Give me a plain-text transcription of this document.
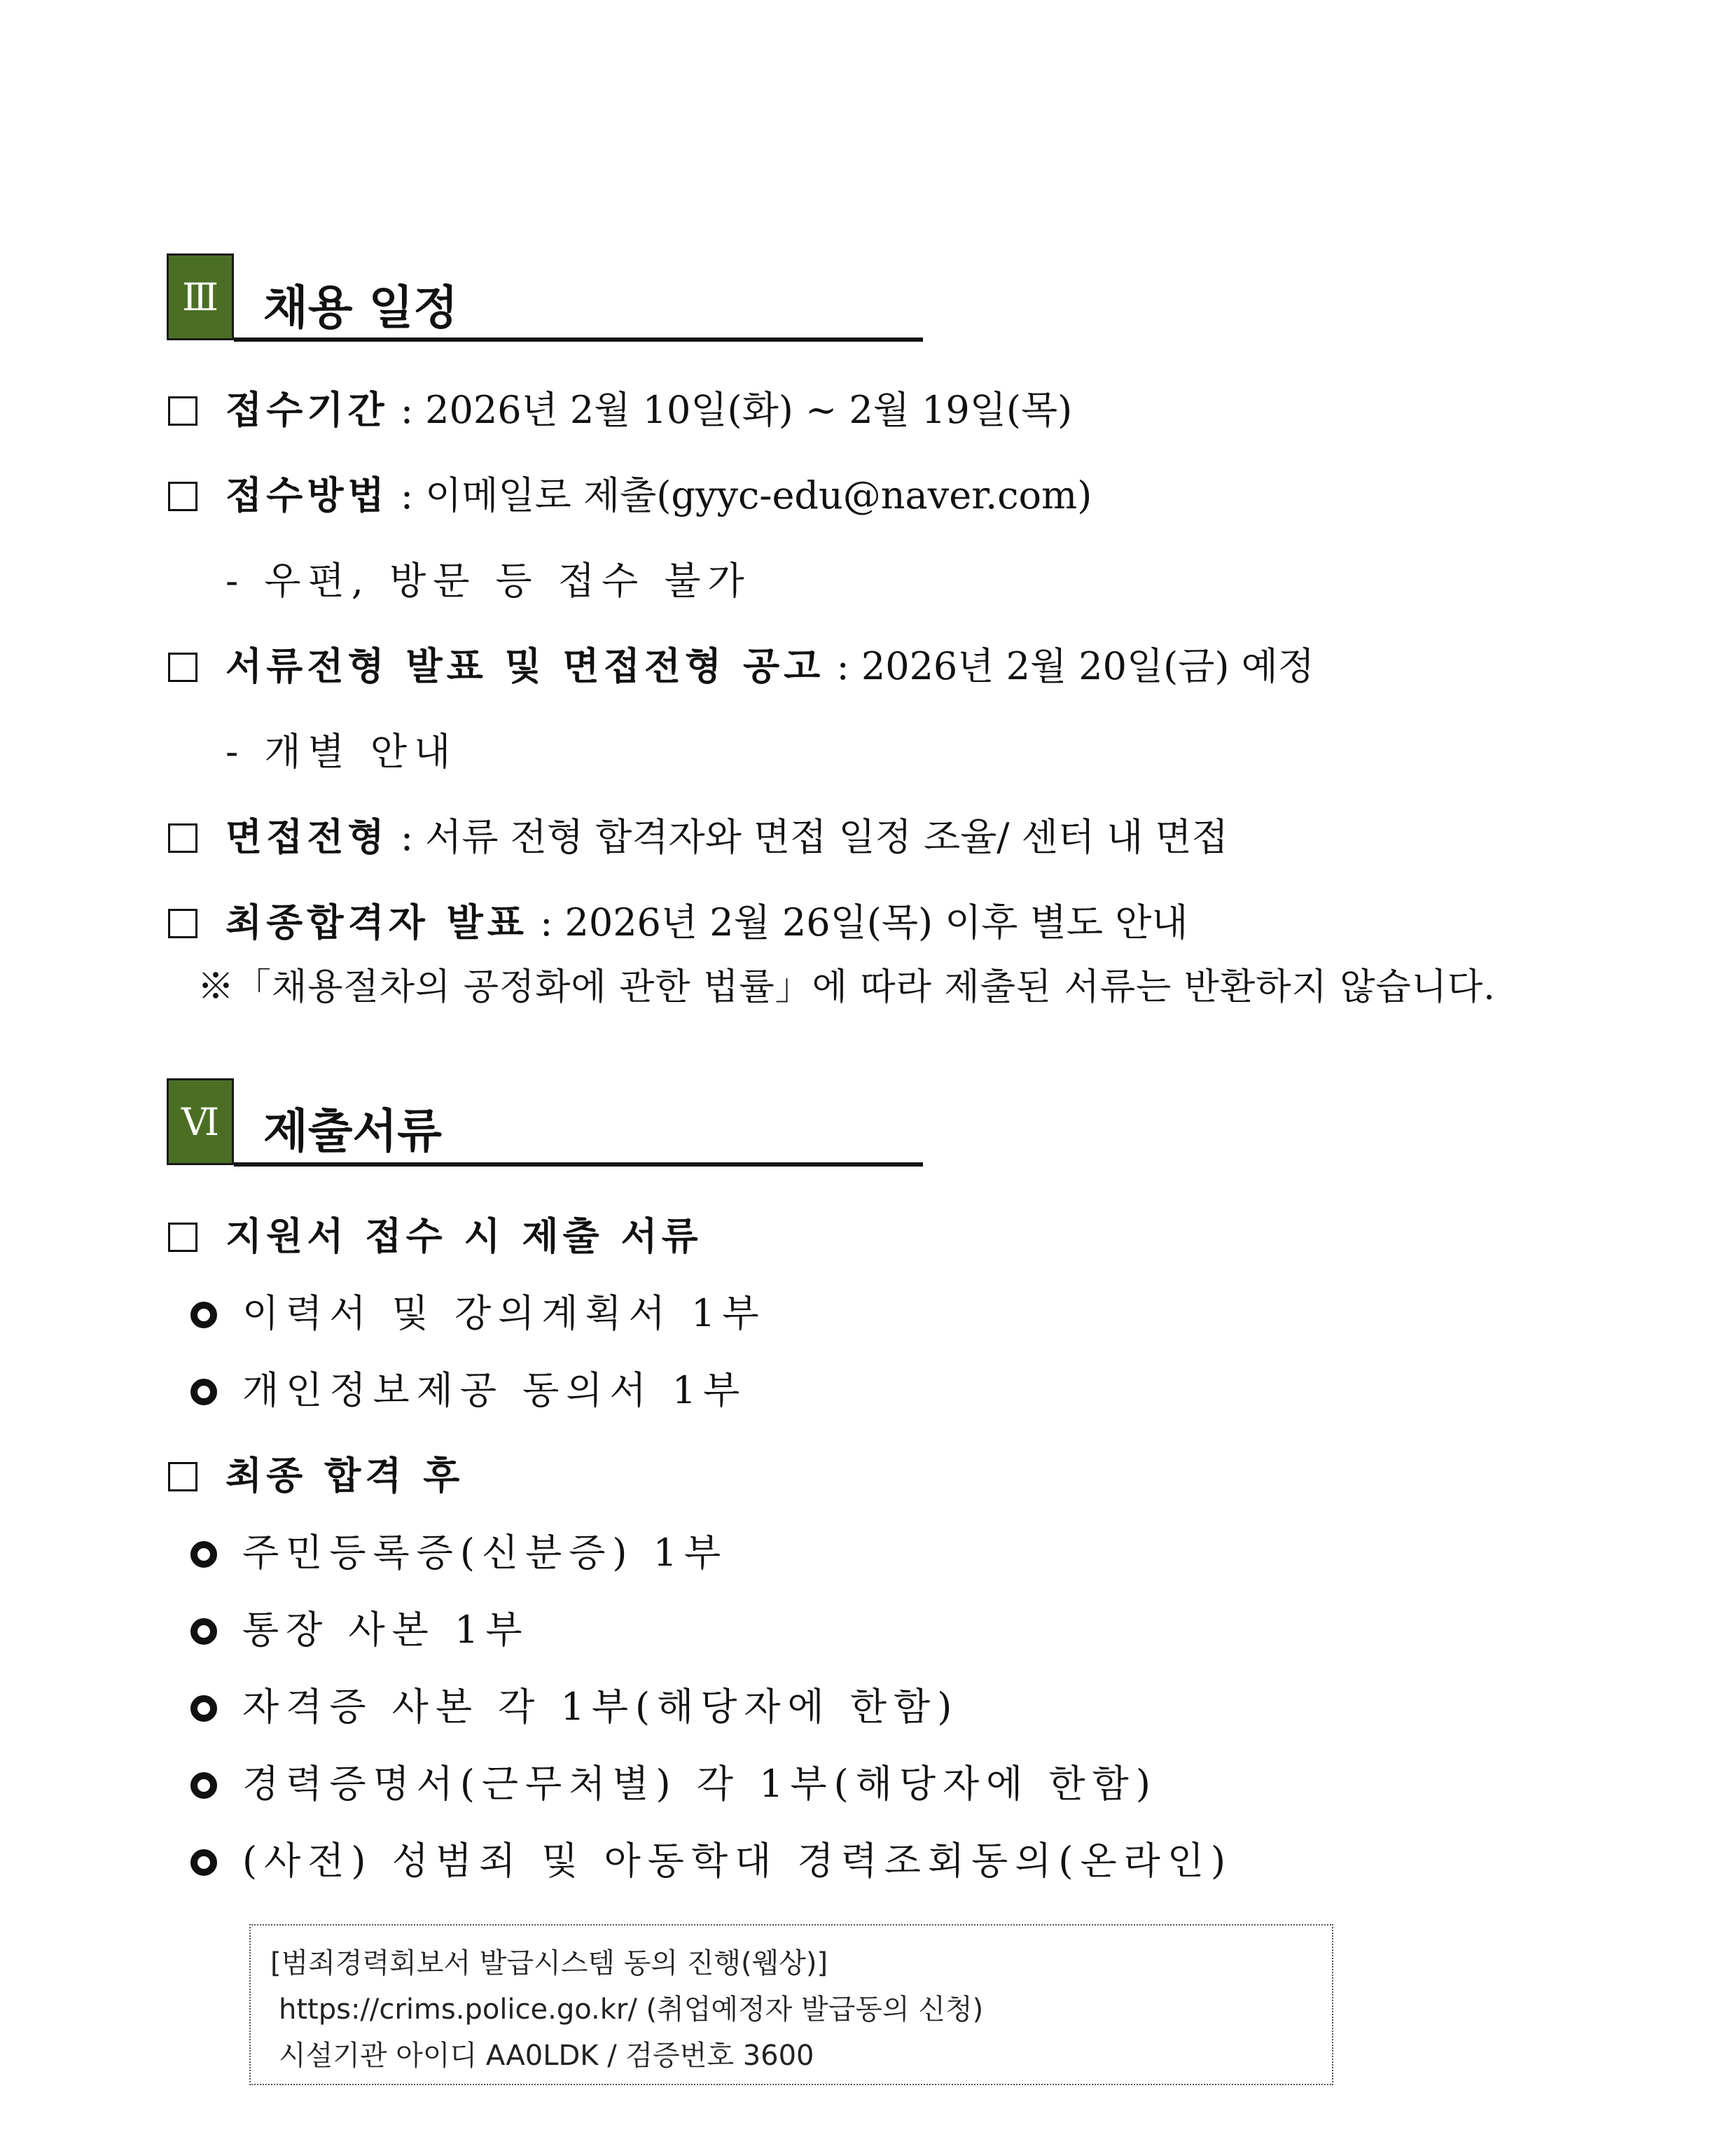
Ⅲ 채용 일정
접수기간 : 2026년 2월 10일(화) ~ 2월 19일(목)
접수방법 : 이메일로 제출(gyyc-edu@naver.com)
- 우편, 방문 등 접수 불가
서류전형 발표 및 면접전형 공고 : 2026년 2월 20일(금) 예정
- 개별 안내
면접전형 : 서류 전형 합격자와 면접 일정 조율/ 센터 내 면접
최종합격자 발표 : 2026년 2월 26일(목) 이후 별도 안내
※「채용절차의 공정화에 관한 법률」에 따라 제출된 서류는 반환하지 않습니다.
Ⅵ 제출서류
지원서 접수 시 제출 서류
이력서 및 강의계획서 1부
개인정보제공 동의서 1부
최종 합격 후
주민등록증(신분증) 1부
통장 사본 1부
자격증 사본 각 1부(해당자에 한함)
경력증명서(근무처별) 각 1부(해당자에 한함)
(사전) 성범죄 및 아동학대 경력조회동의(온라인)
[범죄경력회보서 발급시스템 동의 진행(웹상)]
https://crims.police.go.kr/ (취업예정자 발급동의 신청)
시설기관 아이디 AA0LDK / 검증번호 3600
